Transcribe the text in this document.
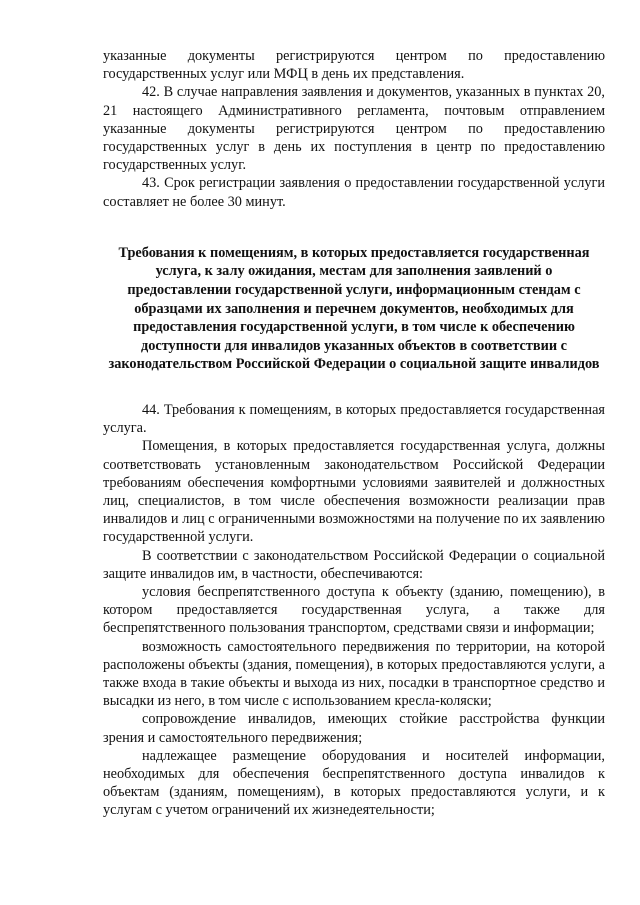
указанные документы регистрируются центром по предоставлению государственных услуг или МФЦ в день их представления.

42. В случае направления заявления и документов, указанных в пунктах 20, 21 настоящего Административного регламента, почтовым отправлением указанные документы регистрируются центром по предоставлению государственных услуг в день их поступления в центр по предоставлению государственных услуг.

43. Срок регистрации заявления о предоставлении государственной услуги составляет не более 30 минут.

Требования к помещениям, в которых предоставляется государственная услуга, к залу ожидания, местам для заполнения заявлений о предоставлении государственной услуги, информационным стендам с образцами их заполнения и перечнем документов, необходимых для предоставления государственной услуги, в том числе к обеспечению доступности для инвалидов указанных объектов в соответствии с законодательством Российской Федерации о социальной защите инвалидов

44. Требования к помещениям, в которых предоставляется государственная услуга.

Помещения, в которых предоставляется государственная услуга, должны соответствовать установленным законодательством Российской Федерации требованиям обеспечения комфортными условиями заявителей и должностных лиц, специалистов, в том числе обеспечения возможности реализации прав инвалидов и лиц с ограниченными возможностями на получение по их заявлению государственной услуги.

В соответствии с законодательством Российской Федерации о социальной защите инвалидов им, в частности, обеспечиваются:

условия беспрепятственного доступа к объекту (зданию, помещению), в котором предоставляется государственная услуга, а также для беспрепятственного пользования транспортом, средствами связи и информации;

возможность самостоятельного передвижения по территории, на которой расположены объекты (здания, помещения), в которых предоставляются услуги, а также входа в такие объекты и выхода из них, посадки в транспортное средство и высадки из него, в том числе с использованием кресла-коляски;

сопровождение инвалидов, имеющих стойкие расстройства функции зрения и самостоятельного передвижения;

надлежащее размещение оборудования и носителей информации, необходимых для обеспечения беспрепятственного доступа инвалидов к объектам (зданиям, помещениям), в которых предоставляются услуги, и к услугам с учетом ограничений их жизнедеятельности;
